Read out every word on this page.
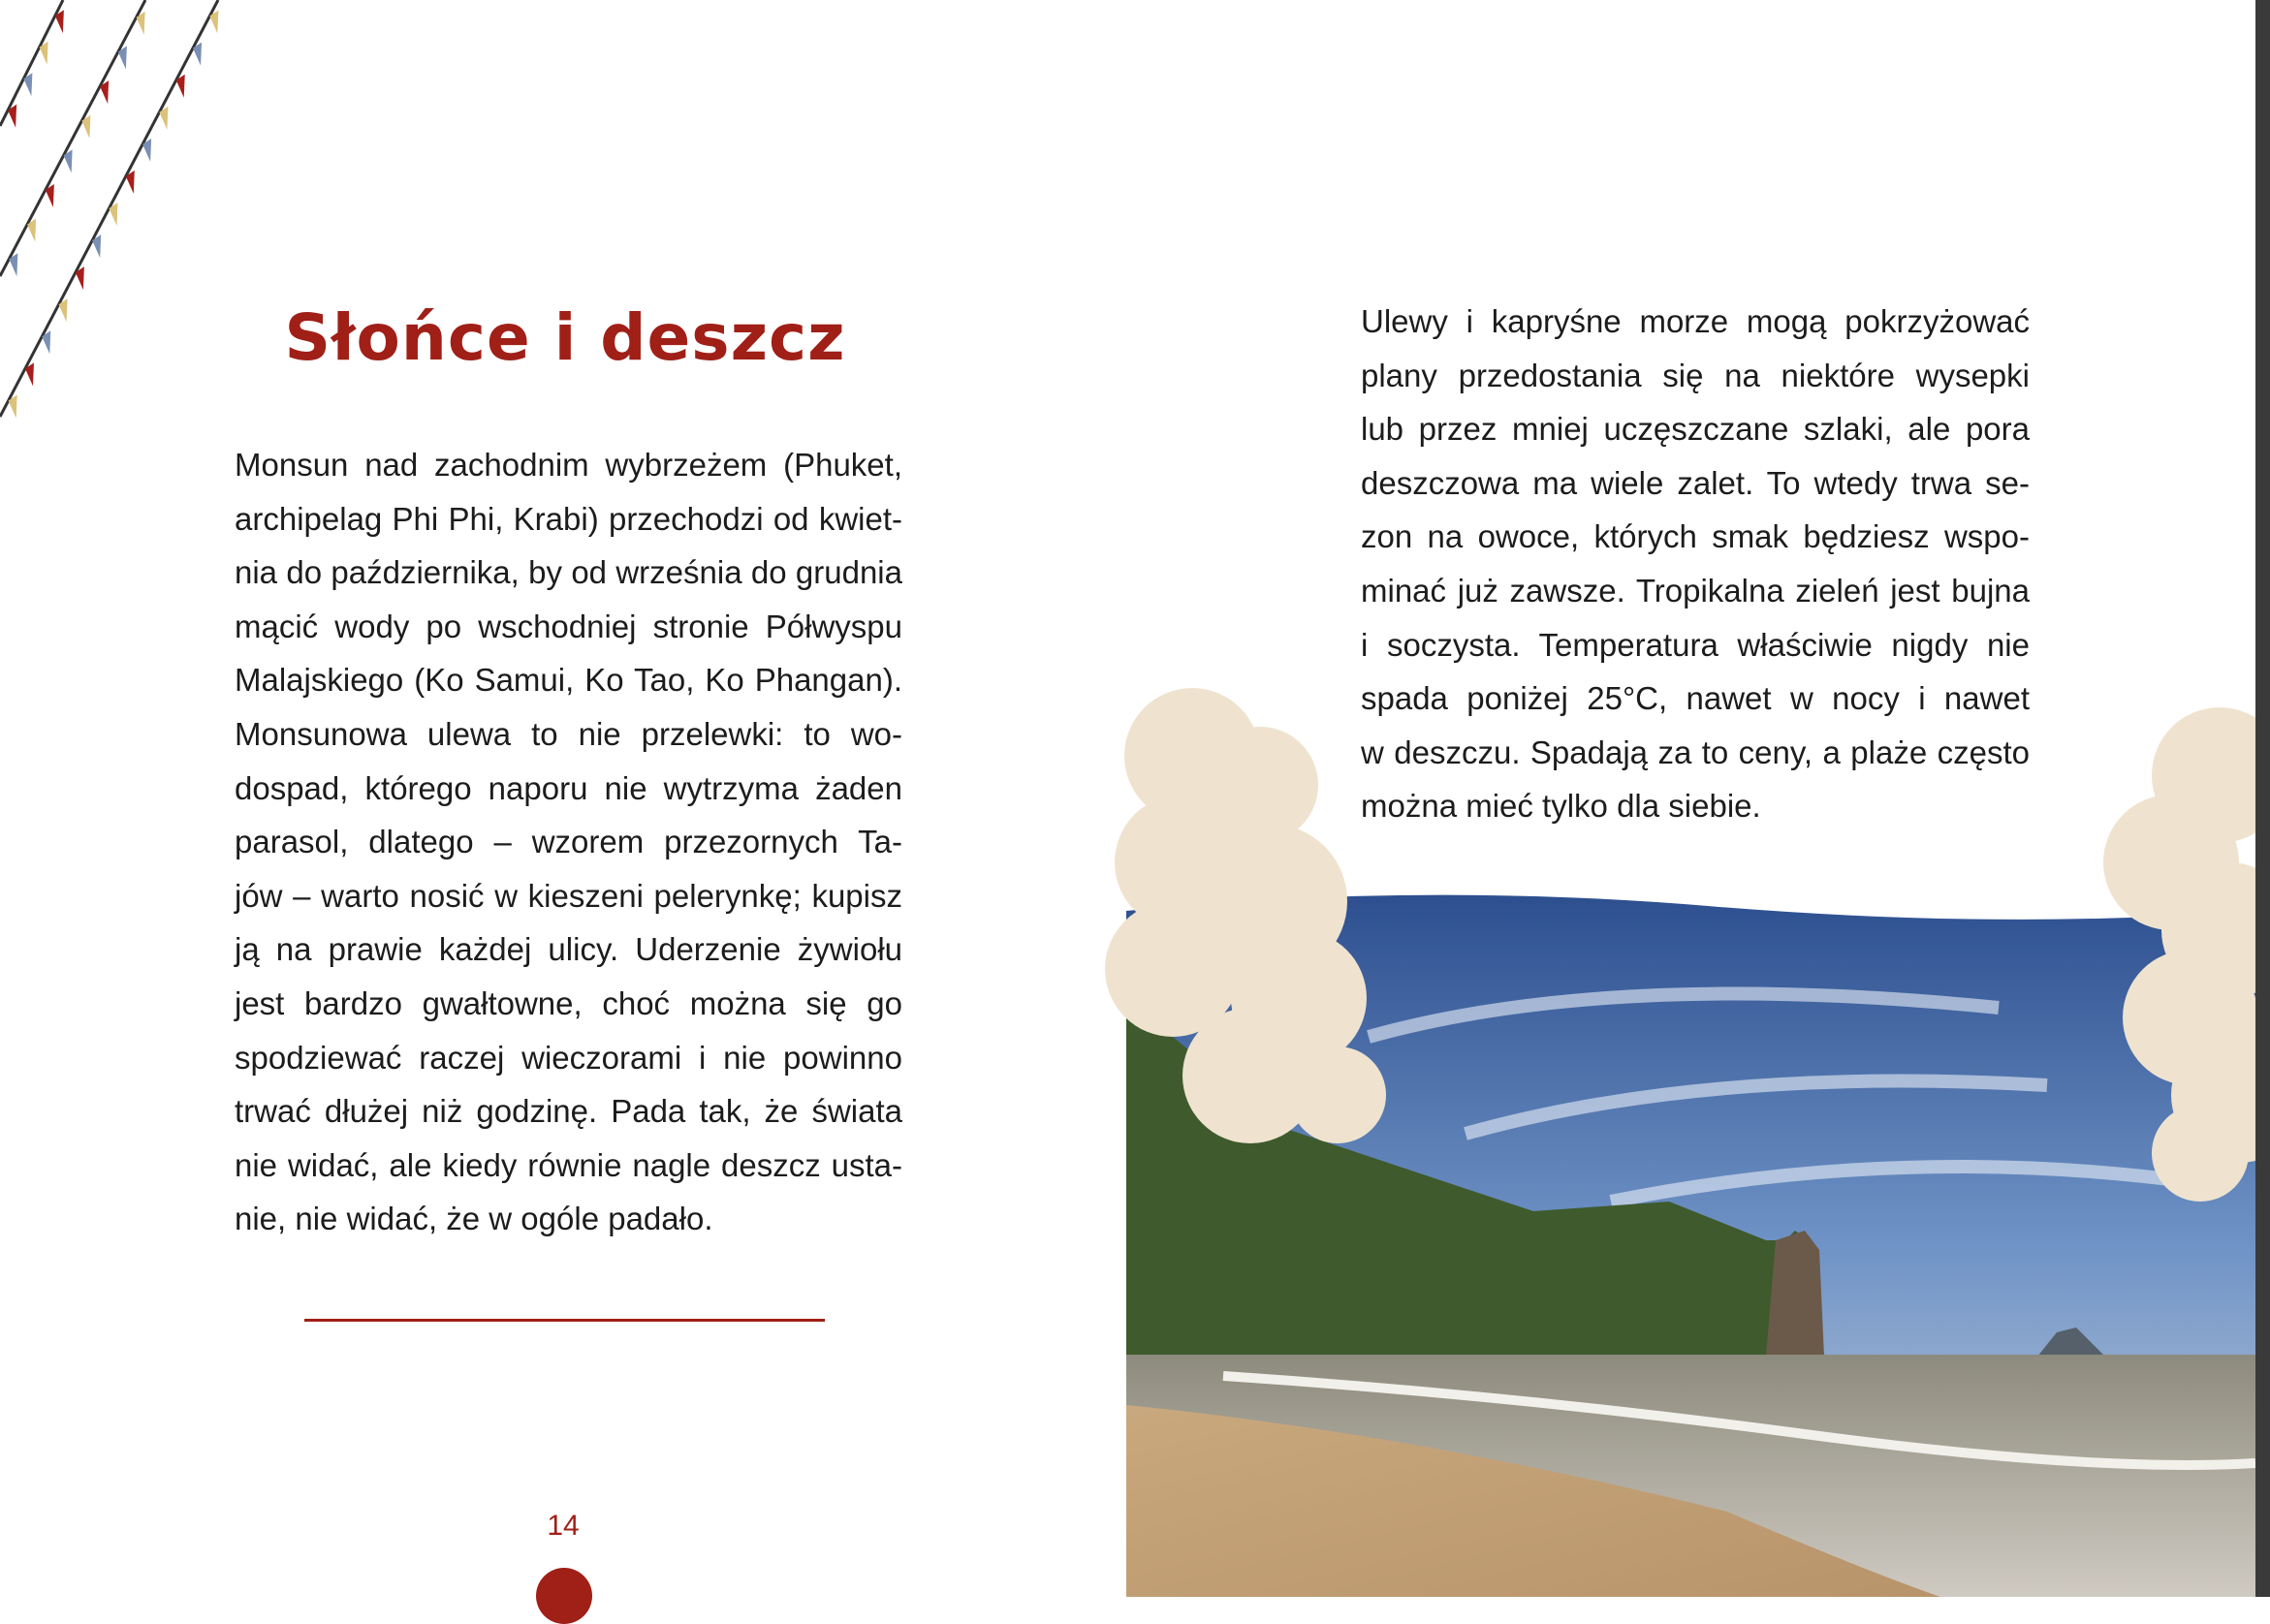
Słońce i deszcz
Monsun nad zachodnim wybrzeżem (Phuket,
archipelag Phi Phi, Krabi) przechodzi od kwiet-
nia do października, by od września do grudnia
mącić wody po wschodniej stronie Półwyspu
Malajskiego (Ko Samui, Ko Tao, Ko Phangan).
Monsunowa ulewa to nie przelewki: to wo-
dospad, którego naporu nie wytrzyma żaden
parasol, dlatego – wzorem przezornych Ta-
jów – warto nosić w kieszeni pelerynkę; kupisz
ją na prawie każdej ulicy. Uderzenie żywiołu
jest bardzo gwałtowne, choć można się go
spodziewać raczej wieczorami i nie powinno
trwać dłużej niż godzinę. Pada tak, że świata
nie widać, ale kiedy równie nagle deszcz usta-
nie, nie widać, że w ogóle padało.
14
Ulewy i kapryśne morze mogą pokrzyżować
plany przedostania się na niektóre wysepki
lub przez mniej uczęszczane szlaki, ale pora
deszczowa ma wiele zalet. To wtedy trwa se-
zon na owoce, których smak będziesz wspo-
minać już zawsze. Tropikalna zieleń jest bujna
i soczysta. Temperatura właściwie nigdy nie
spada poniżej 25°C, nawet w nocy i nawet
w deszczu. Spadają za to ceny, a plaże często
można mieć tylko dla siebie.
